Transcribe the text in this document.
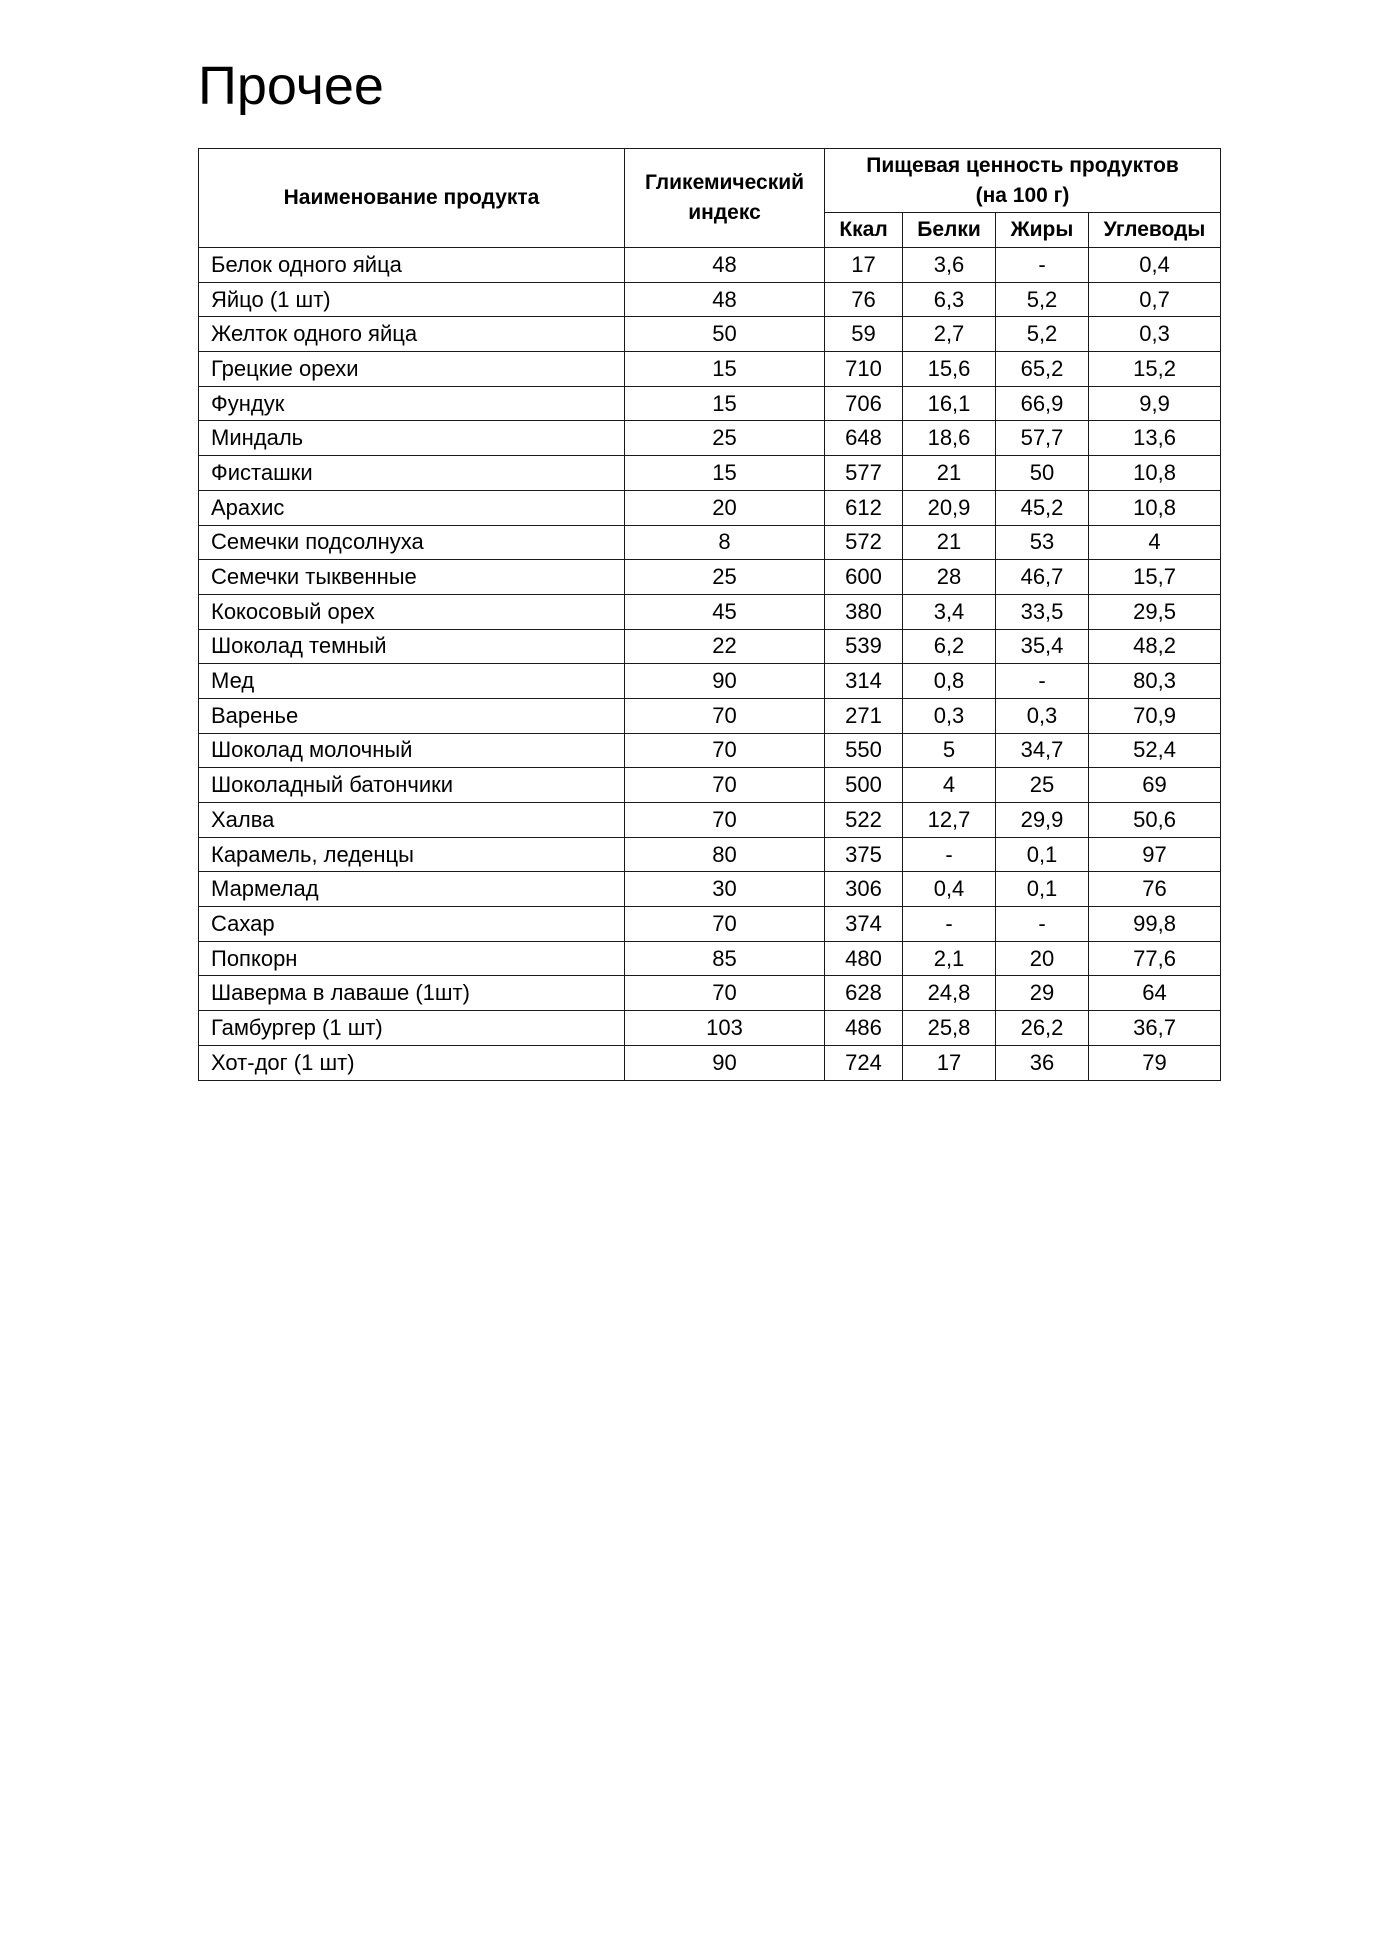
Прочее
Наименование продукта	Гликемический индекс	Пищевая ценность продуктов
(на 100 г)			

		Ккал	Белки	Жиры	Углеводы
Белок одного яйца	48	17	3,6	-	0,4
Яйцо (1 шт)	48	76	6,3	5,2	0,7
Желток одного яйца	50	59	2,7	5,2	0,3
Грецкие орехи	15	710	15,6	65,2	15,2
Фундук	15	706	16,1	66,9	9,9
Миндаль	25	648	18,6	57,7	13,6
Фисташки	15	577	21	50	10,8
Арахис	20	612	20,9	45,2	10,8
Семечки подсолнуха	8	572	21	53	4
Семечки тыквенные	25	600	28	46,7	15,7
Кокосовый орех	45	380	3,4	33,5	29,5
Шоколад темный	22	539	6,2	35,4	48,2
Мед	90	314	0,8	-	80,3
Варенье	70	271	0,3	0,3	70,9
Шоколад молочный	70	550	5	34,7	52,4
Шоколадный батончики	70	500	4	25	69
Халва	70	522	12,7	29,9	50,6
Карамель, леденцы	80	375	-	0,1	97
Мармелад	30	306	0,4	0,1	76
Сахар	70	374	-	-	99,8
Попкорн	85	480	2,1	20	77,6
Шаверма в лаваше (1шт)	70	628	24,8	29	64
Гамбургер (1 шт)	103	486	25,8	26,2	36,7
Хот-дог (1 шт)	90	724	17	36	79
